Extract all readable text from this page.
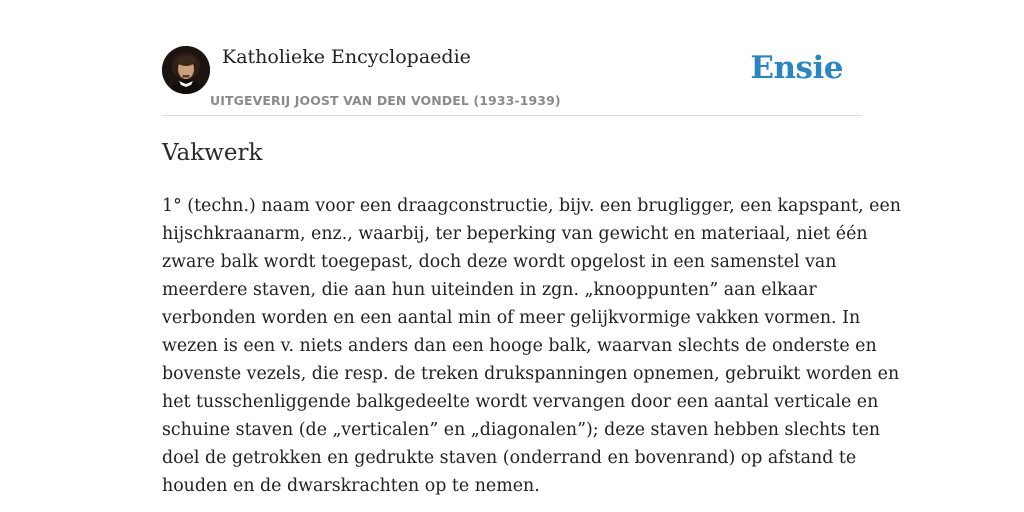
Katholieke Encyclopaedie
UITGEVERIJ JOOST VAN DEN VONDEL (1933-1939)
Ensie
Vakwerk
1° (techn.) naam voor een draagconstructie, bijv. een brugligger, een kapspant, een
hijschkraanarm, enz., waarbij, ter beperking van gewicht en materiaal, niet één
zware balk wordt toegepast, doch deze wordt opgelost in een samenstel van
meerdere staven, die aan hun uiteinden in zgn. „knooppunten” aan elkaar
verbonden worden en een aantal min of meer gelijkvormige vakken vormen. In
wezen is een v. niets anders dan een hooge balk, waarvan slechts de onderste en
bovenste vezels, die resp. de treken drukspanningen opnemen, gebruikt worden en
het tusschenliggende balkgedeelte wordt vervangen door een aantal verticale en
schuine staven (de „verticalen” en „diagonalen”); deze staven hebben slechts ten
doel de getrokken en gedrukte staven (onderrand en bovenrand) op afstand te
houden en de dwarskrachten op te nemen.
